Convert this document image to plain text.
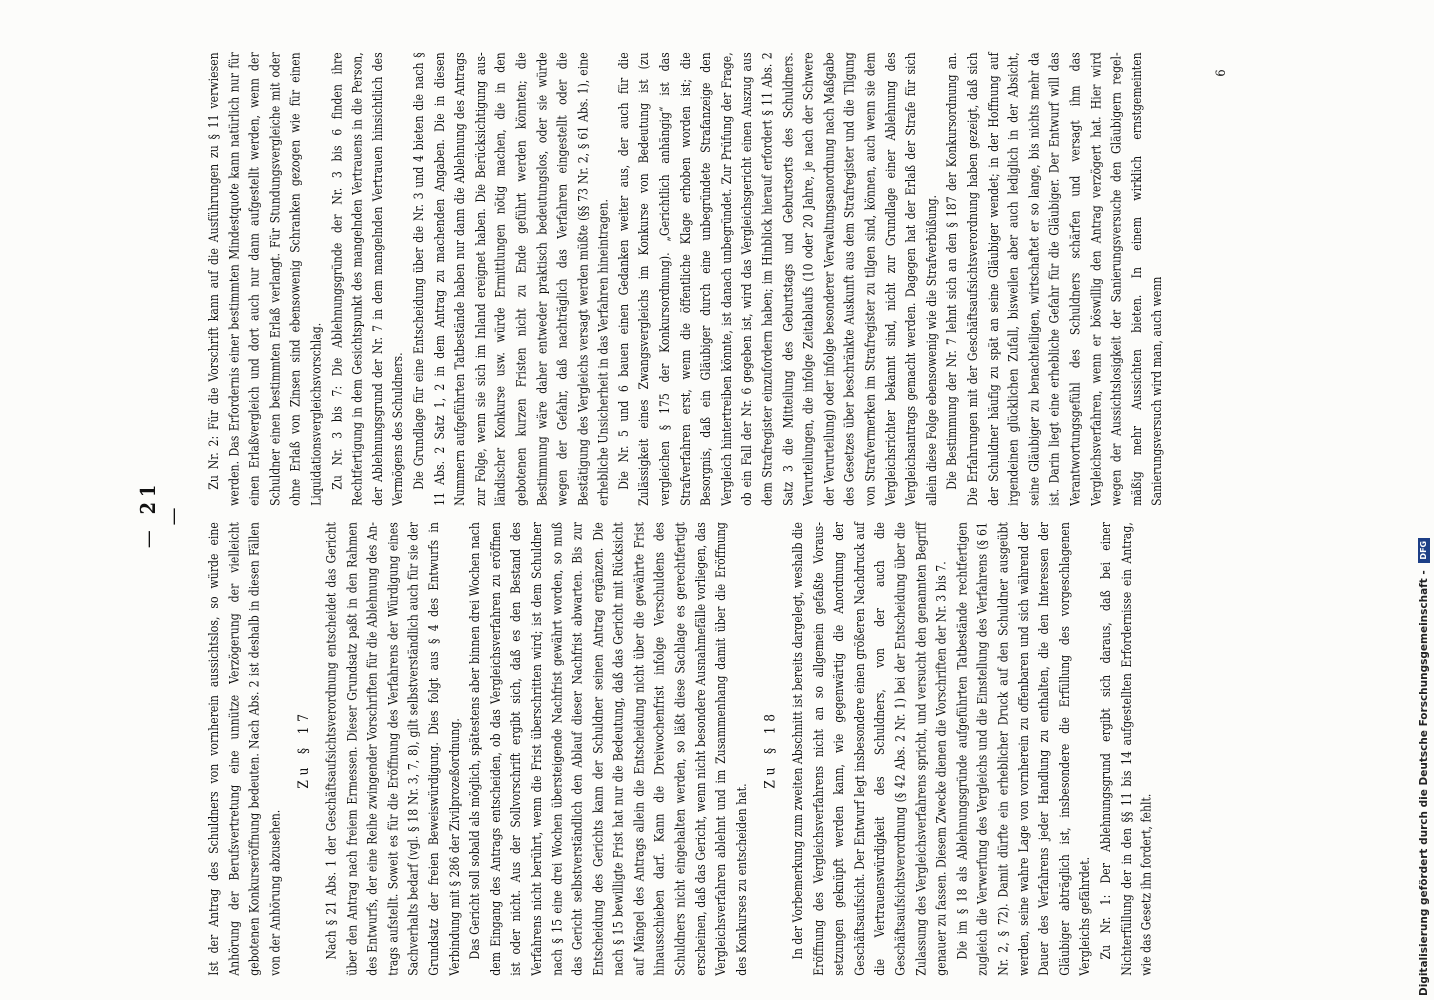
— 21 —

Ist der Antrag des Schuldners von vornherein aussichtslos, so würde eine Anhörung der Berufsvertretung eine unnütze Verzögerung der vielleicht gebotenen Konkurseröffnung bedeuten. Nach Abs. 2 ist deshalb in diesen Fällen von der Anhörung abzusehen.

Zu § 17 Nach § 21 Abs. 1 der Geschäftsaufsichtsverordnung entscheidet das Gericht über den Antrag nach freiem Ermessen. Dieser Grundsatz paßt in den Rahmen des Entwurfs, der eine Reihe zwingender Vorschriften für die Ablehnung des Antrags aufstellt. Soweit es für die Eröffnung des Verfahrens der Würdigung eines Sachverhalts bedarf (vgl. § 18 Nr. 3, 7, 8), gilt selbstverständlich auch für sie der Grundsatz der freien Beweiswürdigung. Dies folgt aus § 4 des Entwurfs in Verbindung mit § 286 der Zivilprozeßordnung. Das Gericht soll sobald als möglich, spätestens aber binnen drei Wochen nach dem Eingang des Antrags entscheiden, ob das Vergleichsverfahren zu eröffnen ist oder nicht. Aus der Sollvorschrift ergibt sich, daß es den Bestand des Verfahrens nicht berührt, wenn die Frist überschritten wird; ist dem Schuldner nach § 15 eine drei Wochen übersteigende Nachfrist gewährt worden, so muß das Gericht selbstverständlich den Ablauf dieser Nachfrist abwarten. Bis zur Entscheidung des Gerichts kann der Schuldner seinen Antrag ergänzen. Die nach § 15 bewilligte Frist hat nur die Bedeutung, daß das Gericht mit Rücksicht auf Mängel des Antrags allein die Entscheidung nicht über die gewährte Frist hinausschieben darf. Kann die Dreiwochenfrist infolge Verschuldens des Schuldners nicht eingehalten werden, so läßt diese Sachlage es gerechtfertigt erscheinen, daß das Gericht, wenn nicht besondere Ausnahmefälle vorliegen, das Vergleichsverfahren ablehnt und im Zusammenhang damit über die Eröffnung des Konkurses zu entscheiden hat.

Zu § 18 In der Vorbemerkung zum zweiten Abschnitt ist bereits dargelegt, weshalb die Eröffnung des Vergleichsverfahrens nicht an so allgemein gefaßte Voraussetzungen geknüpft werden kann, wie gegenwärtig die Anordnung der Geschäftsaufsicht. Der Entwurf legt insbesondere einen größeren Nachdruck auf die Vertrauenswürdigkeit des Schuldners, von der auch die Geschäftsaufsichtsverordnung (§ 42 Abs. 2 Nr. 1) bei der Entscheidung über die Zulassung des Vergleichsverfahrens spricht, und versucht den genannten Begriff genauer zu fassen. Diesem Zwecke dienen die Vorschriften der Nr. 3 bis 7. Die im § 18 als Ablehnungsgründe aufgeführten Tatbestände rechtfertigen zugleich die Verwerfung des Vergleichs und die Einstellung des Verfahrens (§ 61 Nr. 2, § 72). Damit dürfte ein erheblicher Druck auf den Schuldner ausgeübt werden, seine wahre Lage von vornherein zu offenbaren und sich während der Dauer des Verfahrens jeder Handlung zu enthalten, die den Interessen der Gläubiger abträglich ist, insbesondere die Erfüllung des vorgeschlagenen Vergleichs gefährdet. Zu Nr. 1: Der Ablehnungsgrund ergibt sich daraus, daß bei einer Nichterfüllung der in den §§ 11 bis 14 aufgestellten Erfordernisse ein Antrag, wie das Gesetz ihn fordert, fehlt.

Zu Nr. 2: Für die Vorschrift kann auf die Ausführungen zu § 11 verwiesen werden. Das Erfordernis einer bestimmten Mindestquote kann natürlich nur für einen Erlaßvergleich und dort auch nur dann aufgestellt werden, wenn der Schuldner einen bestimmten Erlaß verlangt. Für Stundungsvergleiche mit oder ohne Erlaß von Zinsen sind ebensowenig Schranken gezogen wie für einen Liquidationsvergleichsvorschlag. Zu Nr. 3 bis 7: Die Ablehnungsgründe der Nr. 3 bis 6 finden ihre Rechtfertigung in dem Gesichtspunkt des mangelnden Vertrauens in die Person, der Ablehnungsgrund der Nr. 7 in dem mangelnden Vertrauen hinsichtlich des Vermögens des Schuldners. Die Grundlage für eine Entscheidung über die Nr. 3 und 4 bieten die nach § 11 Abs. 2 Satz 1, 2 in dem Antrag zu machenden Angaben. Die in diesen Nummern aufgeführten Tatbestände haben nur dann die Ablehnung des Antrags zur Folge, wenn sie sich im Inland ereignet haben. Die Berücksichtigung ausländischer Konkurse usw. würde Ermittlungen nötig machen, die in den gebotenen kurzen Fristen nicht zu Ende geführt werden könnten; die Bestimmung wäre daher entweder praktisch bedeutungslos, oder sie würde wegen der Gefahr, daß nachträglich das Verfahren eingestellt oder die Bestätigung des Vergleichs versagt werden müßte (§§ 73 Nr. 2, § 61 Abs. 1), eine erhebliche Unsicherheit in das Verfahren hineintragen. Die Nr. 5 und 6 bauen einen Gedanken weiter aus, der auch für die Zulässigkeit eines Zwangsvergleichs im Konkurse von Bedeutung ist (zu vergleichen § 175 der Konkursordnung). „Gerichtlich anhängig“ ist das Strafverfahren erst, wenn die öffentliche Klage erhoben worden ist; die Besorgnis, daß ein Gläubiger durch eine unbegründete Strafanzeige den Vergleich hintertreiben könnte, ist danach unbegründet. Zur Prüfung der Frage, ob ein Fall der Nr. 6 gegeben ist, wird das Vergleichsgericht einen Auszug aus dem Strafregister einzufordern haben; im Hinblick hierauf erfordert § 11 Abs. 2 Satz 3 die Mitteilung des Geburtstags und Geburtsorts des Schuldners. Verurteilungen, die infolge Zeitablaufs (10 oder 20 Jahre, je nach der Schwere der Verurteilung) oder infolge besonderer Verwaltungsanordnung nach Maßgabe des Gesetzes über beschränkte Auskunft aus dem Strafregister und die Tilgung von Strafvermerken im Strafregister zu tilgen sind, können, auch wenn sie dem Vergleichsrichter bekannt sind, nicht zur Grundlage einer Ablehnung des Vergleichsantrags gemacht werden. Dagegen hat der Erlaß der Strafe für sich allein diese Folge ebensowenig wie die Strafverbüßung. Die Bestimmung der Nr. 7 lehnt sich an den § 187 der Konkursordnung an. Die Erfahrungen mit der Geschäftsaufsichtsverordnung haben gezeigt, daß sich der Schuldner häufig zu spät an seine Gläubiger wendet; in der Hoffnung auf irgendeinen glücklichen Zufall, bisweilen aber auch lediglich in der Absicht, seine Gläubiger zu benachteiligen, wirtschaftet er so lange, bis nichts mehr da ist. Darin liegt eine erhebliche Gefahr für die Gläubiger. Der Entwurf will das Verantwortungsgefühl des Schuldners schärfen und versagt ihm das Vergleichsverfahren, wenn er böswillig den Antrag verzögert hat. Hier wird wegen der Aussichtslosigkeit der Sanierungsversuche den Gläubigern regelmäßig mehr Aussichten bieten. In einem wirklich ernstgemeinten Sanierungsversuch wird man, auch wenn

6
Digitalisierung gefördert durch die Deutsche Forschungsgemeinschaft - DFG
